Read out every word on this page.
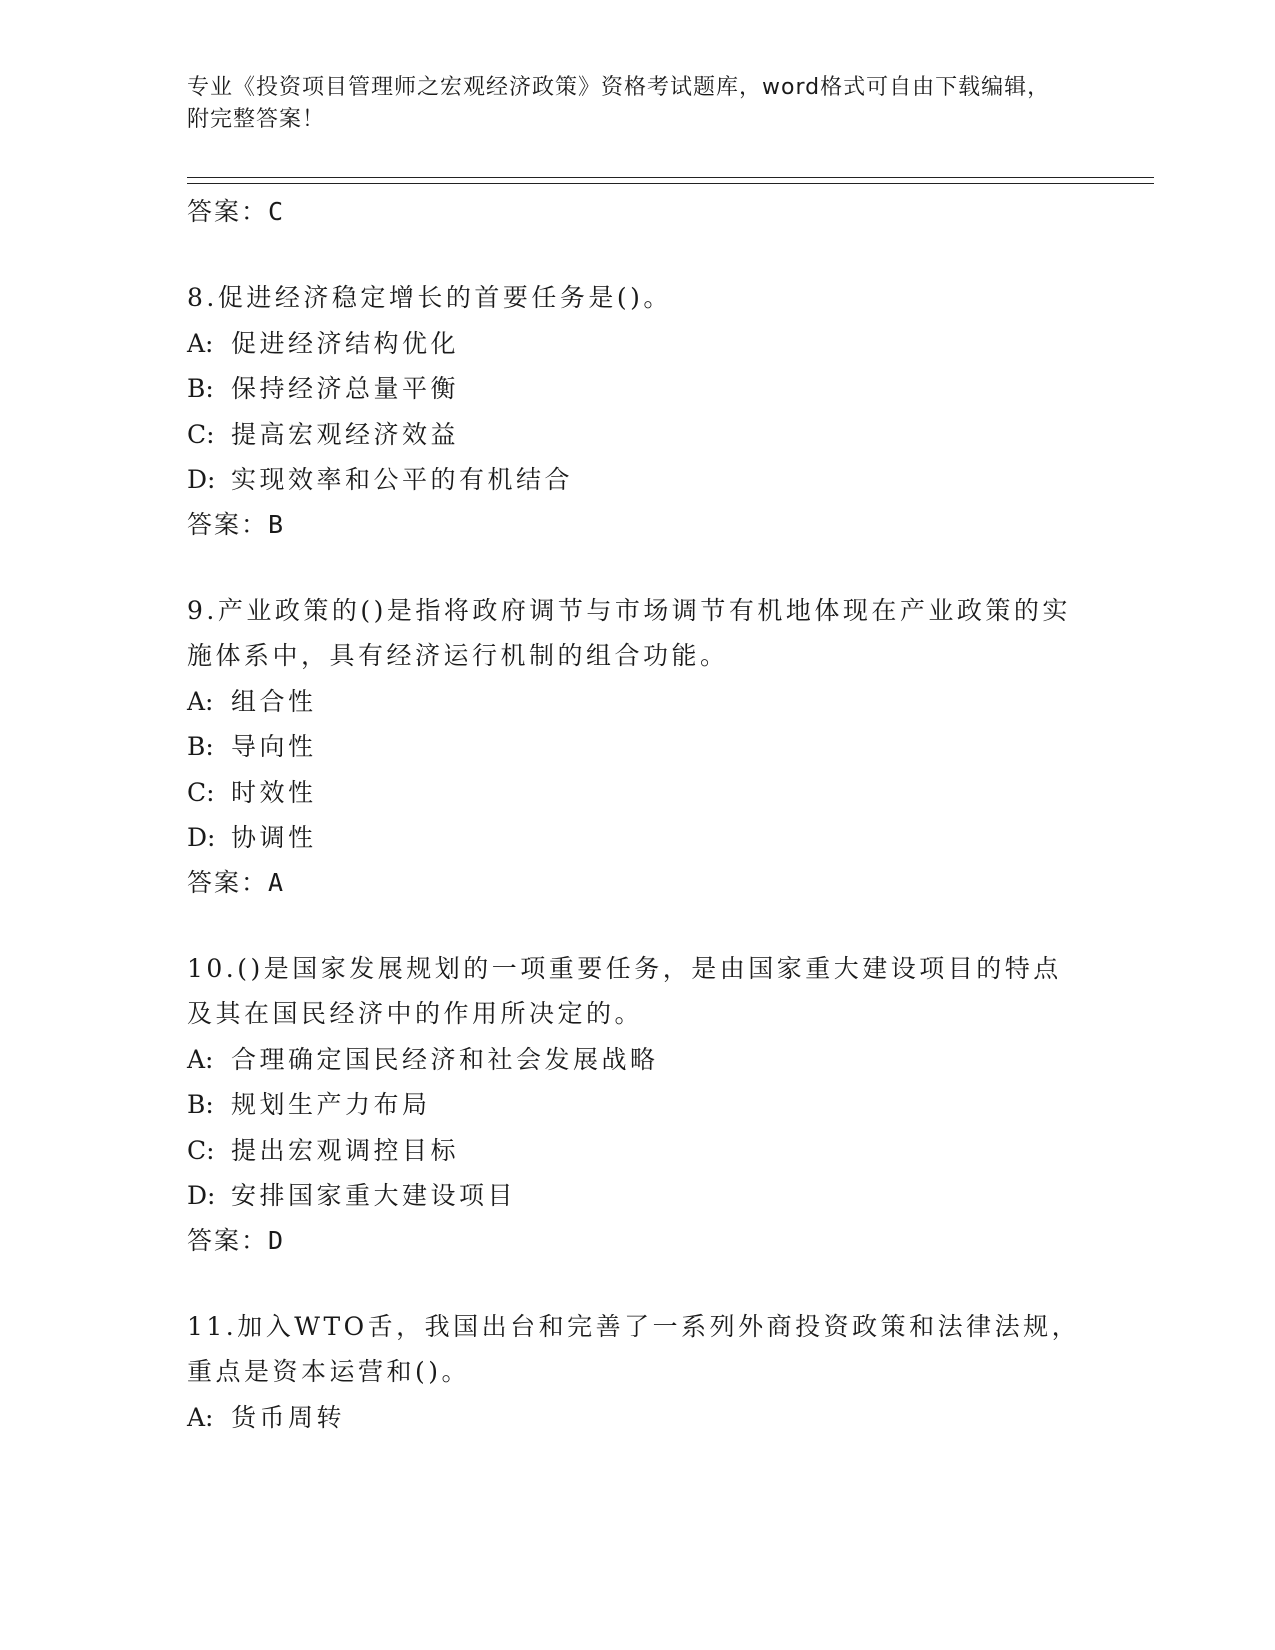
专业《投资项目管理师之宏观经济政策》资格考试题库，word格式可自由下载编辑，附完整答案！
答案：C
8.促进经济稳定增长的首要任务是()。
A: 促进经济结构优化
B: 保持经济总量平衡
C: 提高宏观经济效益
D: 实现效率和公平的有机结合
答案：B
9.产业政策的()是指将政府调节与市场调节有机地体现在产业政策的实施体系中，具有经济运行机制的组合功能。
A: 组合性
B: 导向性
C: 时效性
D: 协调性
答案：A
10.()是国家发展规划的一项重要任务，是由国家重大建设项目的特点及其在国民经济中的作用所决定的。
A: 合理确定国民经济和社会发展战略
B: 规划生产力布局
C: 提出宏观调控目标
D: 安排国家重大建设项目
答案：D
11.加入WTO舌，我国出台和完善了一系列外商投资政策和法律法规，重点是资本运营和()。
A: 货币周转
